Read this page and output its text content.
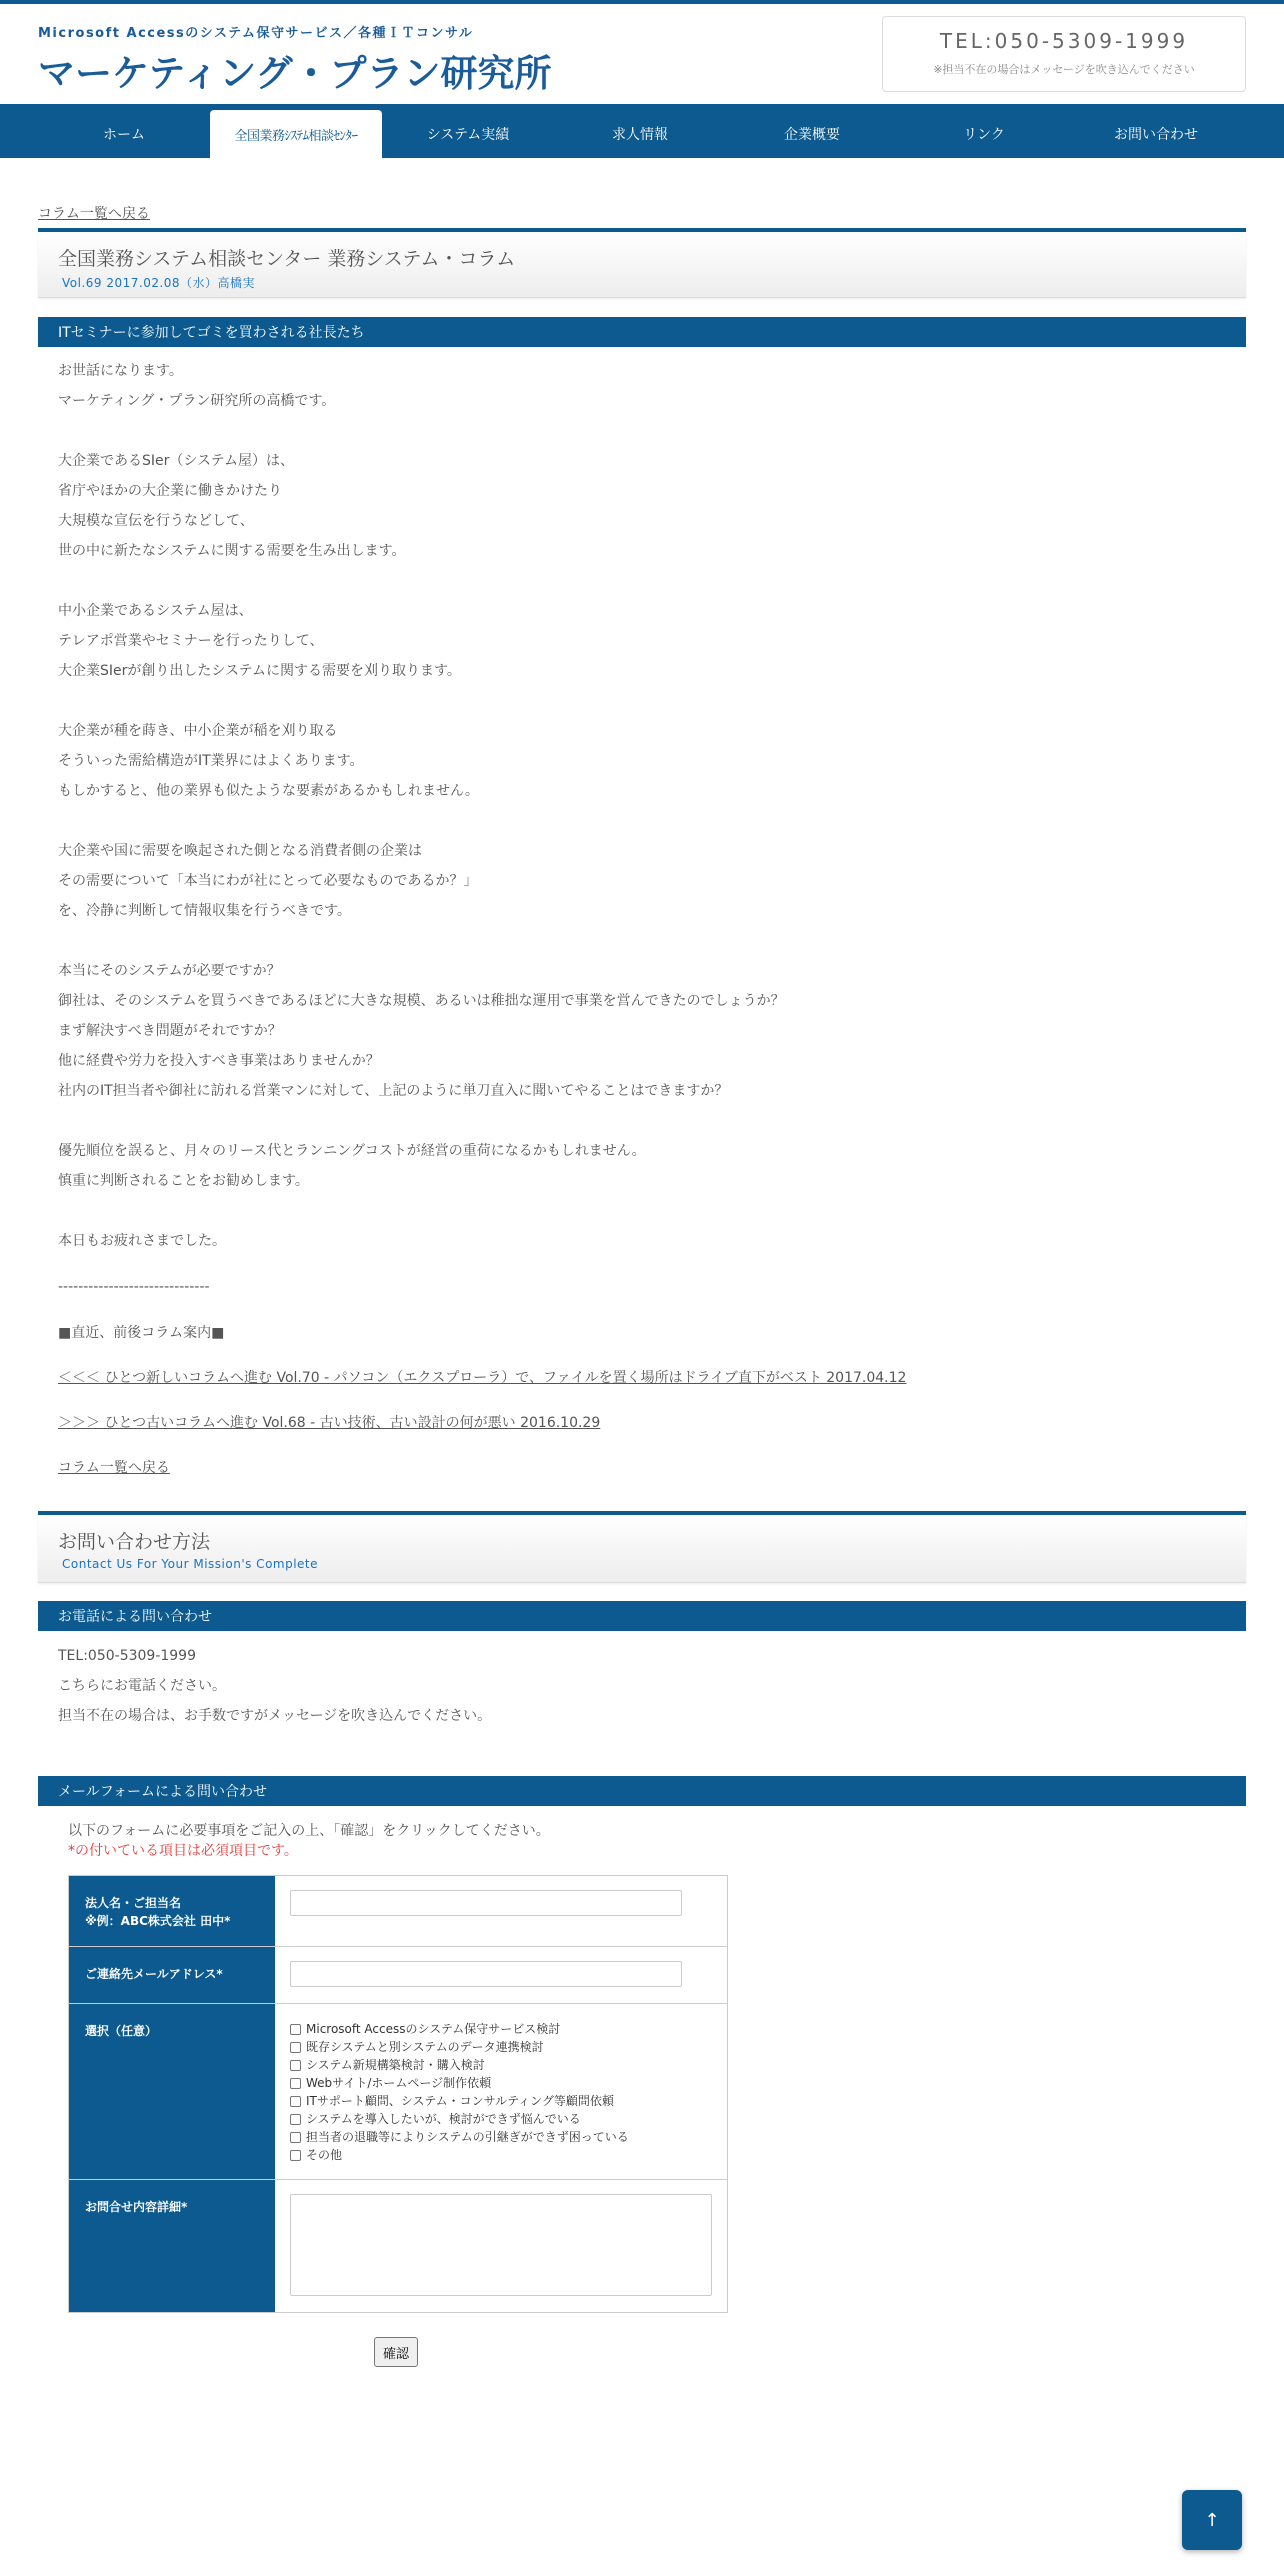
Microsoft Accessのシステム保守サービス／各種ＩＴコンサル
マーケティング・プラン研究所
TEL:050-5309-1999
※担当不在の場合はメッセージを吹き込んでください
ホーム	全国業務ｼｽﾃﾑ相談ｾﾝﾀｰ	システム実績	求人情報	企業概要	リンク	お問い合わせ
コラム一覧へ戻る
全国業務システム相談センター 業務システム・コラム
Vol.69 2017.02.08（水）高橋実
ITセミナーに参加してゴミを買わされる社長たち
お世話になります。
マーケティング・プラン研究所の高橋です。
大企業であるSIer（システム屋）は、
省庁やほかの大企業に働きかけたり
大規模な宣伝を行うなどして、
世の中に新たなシステムに関する需要を生み出します。
中小企業であるシステム屋は、
テレアポ営業やセミナーを行ったりして、
大企業SIerが創り出したシステムに関する需要を刈り取ります。
大企業が種を蒔き、中小企業が稲を刈り取る
そういった需給構造がIT業界にはよくあります。
もしかすると、他の業界も似たような要素があるかもしれません。
大企業や国に需要を喚起された側となる消費者側の企業は
その需要について「本当にわが社にとって必要なものであるか？」
を、冷静に判断して情報収集を行うべきです。
本当にそのシステムが必要ですか？
御社は、そのシステムを買うべきであるほどに大きな規模、あるいは稚拙な運用で事業を営んできたのでしょうか？
まず解決すべき問題がそれですか？
他に経費や労力を投入すべき事業はありませんか？
社内のIT担当者や御社に訪れる営業マンに対して、上記のように単刀直入に聞いてやることはできますか？
優先順位を誤ると、月々のリース代とランニングコストが経営の重荷になるかもしれません。
慎重に判断されることをお勧めします。
本日もお疲れさまでした。
------------------------------
■直近、前後コラム案内■
＜＜＜ ひとつ新しいコラムへ進む Vol.70 - パソコン（エクスプローラ）で、ファイルを置く場所はドライブ直下がベスト 2017.04.12
＞＞＞ ひとつ古いコラムへ進む Vol.68 - 古い技術、古い設計の何が悪い 2016.10.29
コラム一覧へ戻る
お問い合わせ方法
Contact Us For Your Mission's Complete
お電話による問い合わせ
TEL:050-5309-1999
こちらにお電話ください。
担当不在の場合は、お手数ですがメッセージを吹き込んでください。
メールフォームによる問い合わせ
以下のフォームに必要事項をご記入の上、「確認」をクリックしてください。
*の付いている項目は必須項目です。
法人名・ご担当名
※例：ABC株式会社 田中*
ご連絡先メールアドレス*
選択（任意）	Microsoft Accessのシステム保守サービス検討
既存システムと別システムのデータ連携検討
システム新規構築検討・購入検討
Webサイト/ホームページ制作依頼
ITサポート顧問、システム・コンサルティング等顧問依頼
システムを導入したいが、検討ができず悩んでいる
担当者の退職等によりシステムの引継ぎができず困っている
その他
お問合せ内容詳細*
確認
↑
